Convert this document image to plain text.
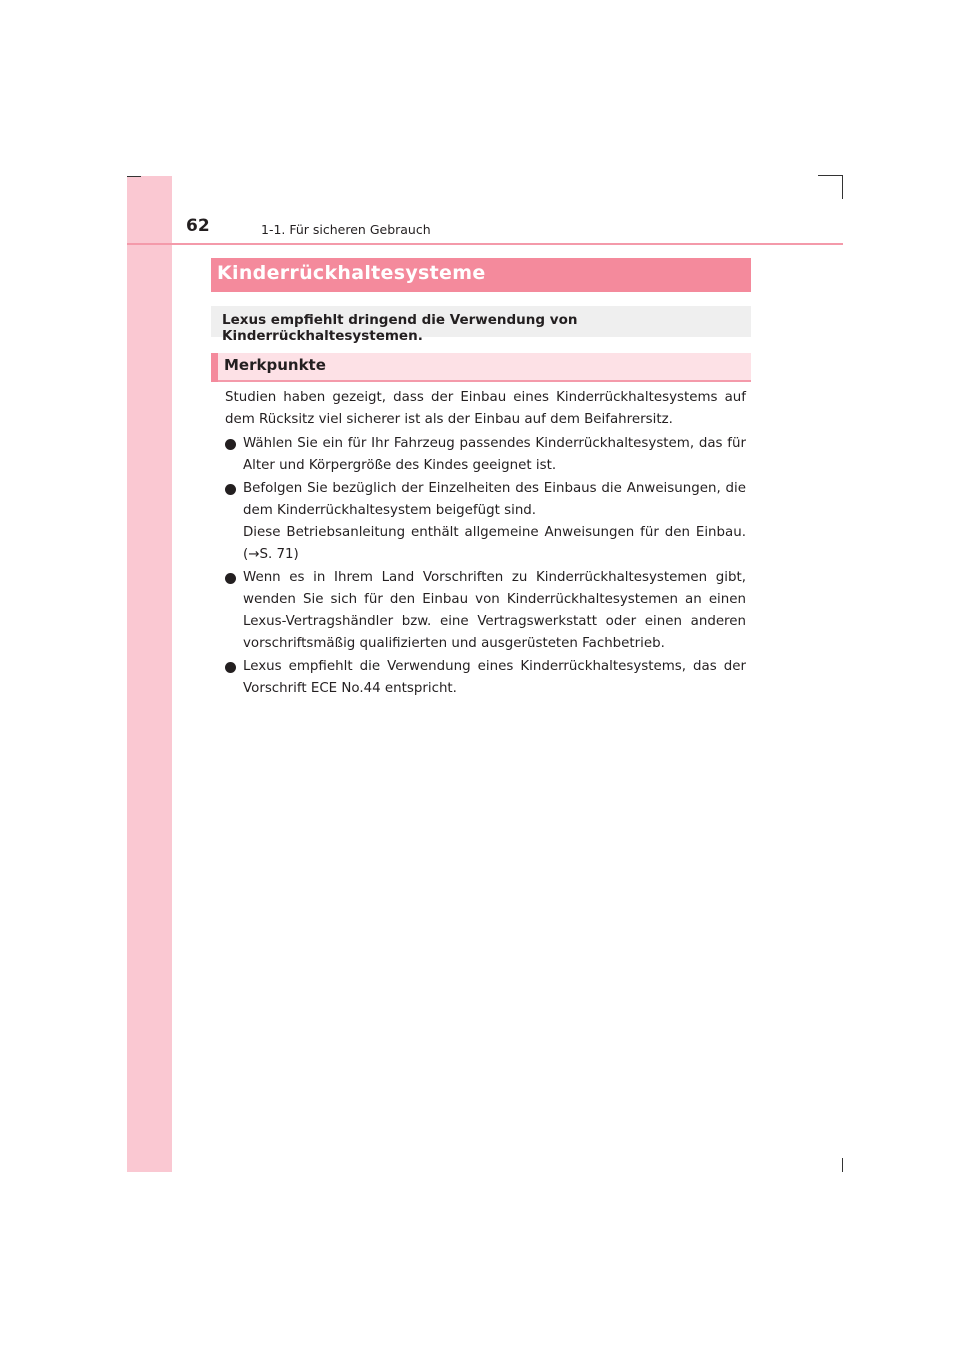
62	1-1. Für sicheren Gebrauch
Kinderrückhaltesysteme
Lexus empfiehlt dringend die Verwendung von Kinderrückhaltesystemen.
Merkpunkte

Studien haben gezeigt, dass der Einbau eines Kinderrückhaltesystems auf dem Rücksitz viel sicherer ist als der Einbau auf dem Beifahrersitz.

Wählen Sie ein für Ihr Fahrzeug passendes Kinderrückhaltesystem, das für Alter und Körpergröße des Kindes geeignet ist.
Befolgen Sie bezüglich der Einzelheiten des Einbaus die Anweisungen, die dem Kinderrückhaltesystem beigefügt sind.
Diese Betriebsanleitung enthält allgemeine Anweisungen für den Einbau. (→S. 71)
Wenn es in Ihrem Land Vorschriften zu Kinderrückhaltesystemen gibt, wenden Sie sich für den Einbau von Kinderrückhaltesystemen an einen Lexus-Vertragshändler bzw. eine Vertragswerkstatt oder einen anderen vorschriftsmäßig qualifizierten und ausgerüsteten Fachbetrieb.
Lexus empfiehlt die Verwendung eines Kinderrückhaltesystems, das der Vorschrift ECE No.44 entspricht.
